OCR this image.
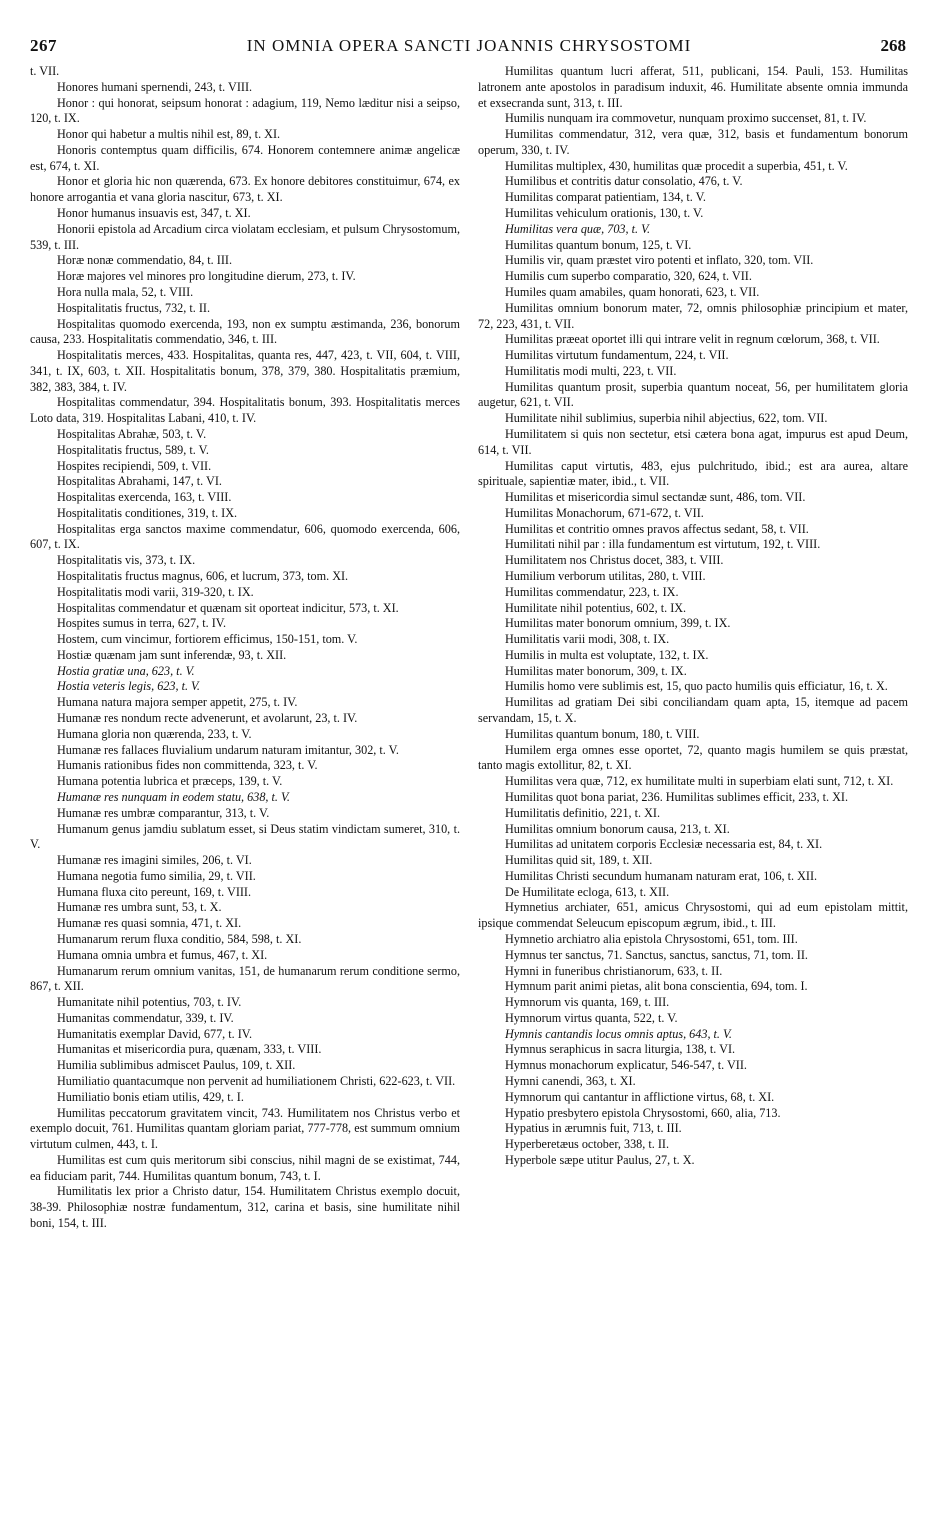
267	IN OMNIA OPERA SANCTI JOANNIS CHRYSOSTOMI	268

t. VII.

Honores humani spernendi, 243, t. VIII.

Honor : qui honorat, seipsum honorat : adagium, 119, Nemo læditur nisi a seipso, 120, t. IX.

Honor qui habetur a multis nihil est, 89, t. XI.

Honoris contemptus quam difficilis, 674. Honorem contemnere animæ angelicæ est, 674, t. XI.

Honor et gloria hic non quærenda, 673. Ex honore debitores constituimur, 674, ex honore arrogantia et vana gloria nascitur, 673, t. XI.

Honor humanus insuavis est, 347, t. XI.

Honorii epistola ad Arcadium circa violatam ecclesiam, et pulsum Chrysostomum, 539, t. III.

Horæ nonæ commendatio, 84, t. III.

Horæ majores vel minores pro longitudine dierum, 273, t. IV.

Hora nulla mala, 52, t. VIII.

Hospitalitatis fructus, 732, t. II.

Hospitalitas quomodo exercenda, 193, non ex sumptu æstimanda, 236, bonorum causa, 233. Hospitalitatis commendatio, 346, t. III.

Hospitalitatis merces, 433. Hospitalitas, quanta res, 447, 423, t. VII, 604, t. VIII, 341, t. IX, 603, t. XII. Hospitalitatis bonum, 378, 379, 380. Hospitalitatis præmium, 382, 383, 384, t. IV.

Hospitalitas commendatur, 394. Hospitalitatis bonum, 393. Hospitalitatis merces Loto data, 319. Hospitalitas Labani, 410, t. IV.

Hospitalitas Abrahæ, 503, t. V.

Hospitalitatis fructus, 589, t. V.

Hospites recipiendi, 509, t. VII.

Hospitalitas Abrahami, 147, t. VI.

Hospitalitas exercenda, 163, t. VIII.

Hospitalitatis conditiones, 319, t. IX.

Hospitalitas erga sanctos maxime commendatur, 606, quomodo exercenda, 606, 607, t. IX.

Hospitalitatis vis, 373, t. IX.

Hospitalitatis fructus magnus, 606, et lucrum, 373, tom. XI.

Hospitalitatis modi varii, 319-320, t. IX.

Hospitalitas commendatur et quænam sit oporteat indicitur, 573, t. XI.

Hospites sumus in terra, 627, t. IV.

Hostem, cum vincimur, fortiorem efficimus, 150-151, tom. V.

Hostiæ quænam jam sunt inferendæ, 93, t. XII.

Hostia gratiæ una, 623, t. V.

Hostia veteris legis, 623, t. V.

Humana natura majora semper appetit, 275, t. IV.

Humanæ res nondum recte advenerunt, et avolarunt, 23, t. IV.

Humana gloria non quærenda, 233, t. V.

Humanæ res fallaces fluvialium undarum naturam imitantur, 302, t. V.

Humanis rationibus fides non committenda, 323, t. V.

Humana potentia lubrica et præceps, 139, t. V.

Humanæ res nunquam in eodem statu, 638, t. V.

Humanæ res umbræ comparantur, 313, t. V.

Humanum genus jamdiu sublatum esset, si Deus statim vindictam sumeret, 310, t. V.

Humanæ res imagini similes, 206, t. VI.

Humana negotia fumo similia, 29, t. VII.

Humana fluxa cito pereunt, 169, t. VIII.

Humanæ res umbra sunt, 53, t. X.

Humanæ res quasi somnia, 471, t. XI.

Humanarum rerum fluxa conditio, 584, 598, t. XI.

Humana omnia umbra et fumus, 467, t. XI.

Humanarum rerum omnium vanitas, 151, de humanarum rerum conditione sermo, 867, t. XII.

Humanitate nihil potentius, 703, t. IV.

Humanitas commendatur, 339, t. IV.

Humanitatis exemplar David, 677, t. IV.

Humanitas et misericordia pura, quænam, 333, t. VIII.

Humilia sublimibus admiscet Paulus, 109, t. XII.

Humiliatio quantacumque non pervenit ad humiliationem Christi, 622-623, t. VII.

Humiliatio bonis etiam utilis, 429, t. I.

Humilitas peccatorum gravitatem vincit, 743. Humilitatem nos Christus verbo et exemplo docuit, 761. Humilitas quantam gloriam pariat, 777-778, est summum omnium virtutum culmen, 443, t. I.

Humilitas est cum quis meritorum sibi conscius, nihil magni de se existimat, 744, ea fiduciam parit, 744. Humilitas quantum bonum, 743, t. I.

Humilitatis lex prior a Christo datur, 154. Humilitatem Christus exemplo docuit, 38-39. Philosophiæ nostræ fundamentum, 312, carina et basis, sine humilitate nihil boni, 154, t. III.

Humilitas quantum lucri afferat, 511, publicani, 154. Pauli, 153. Humilitas latronem ante apostolos in paradisum induxit, 46. Humilitate absente omnia immunda et exsecranda sunt, 313, t. III.

Humilis nunquam ira commovetur, nunquam proximo succenset, 81, t. IV.

Humilitas commendatur, 312, vera quæ, 312, basis et fundamentum bonorum operum, 330, t. IV.

Humilitas multiplex, 430, humilitas quæ procedit a superbia, 451, t. V.

Humilibus et contritis datur consolatio, 476, t. V.

Humilitas comparat patientiam, 134, t. V.

Humilitas vehiculum orationis, 130, t. V.

Humilitas vera quæ, 703, t. V.

Humilitas quantum bonum, 125, t. VI.

Humilis vir, quam præstet viro potenti et inflato, 320, tom. VII.

Humilis cum superbo comparatio, 320, 624, t. VII.

Humiles quam amabiles, quam honorati, 623, t. VII.

Humilitas omnium bonorum mater, 72, omnis philosophiæ principium et mater, 72, 223, 431, t. VII.

Humilitas præeat oportet illi qui intrare velit in regnum cœlorum, 368, t. VII.

Humilitas virtutum fundamentum, 224, t. VII.

Humilitatis modi multi, 223, t. VII.

Humilitas quantum prosit, superbia quantum noceat, 56, per humilitatem gloria augetur, 621, t. VII.

Humilitate nihil sublimius, superbia nihil abjectius, 622, tom. VII.

Humilitatem si quis non sectetur, etsi cætera bona agat, impurus est apud Deum, 614, t. VII.

Humilitas caput virtutis, 483, ejus pulchritudo, ibid.; est ara aurea, altare spirituale, sapientiæ mater, ibid., t. VII.

Humilitas et misericordia simul sectandæ sunt, 486, tom. VII.

Humilitas Monachorum, 671-672, t. VII.

Humilitas et contritio omnes pravos affectus sedant, 58, t. VII.

Humilitati nihil par : illa fundamentum est virtutum, 192, t. VIII.

Humilitatem nos Christus docet, 383, t. VIII.

Humilium verborum utilitas, 280, t. VIII.

Humilitas commendatur, 223, t. IX.

Humilitate nihil potentius, 602, t. IX.

Humilitas mater bonorum omnium, 399, t. IX.

Humilitatis varii modi, 308, t. IX.

Humilis in multa est voluptate, 132, t. IX.

Humilitas mater bonorum, 309, t. IX.

Humilis homo vere sublimis est, 15, quo pacto humilis quis efficiatur, 16, t. X.

Humilitas ad gratiam Dei sibi conciliandam quam apta, 15, itemque ad pacem servandam, 15, t. X.

Humilitas quantum bonum, 180, t. VIII.

Humilem erga omnes esse oportet, 72, quanto magis humilem se quis præstat, tanto magis extollitur, 82, t. XI.

Humilitas vera quæ, 712, ex humilitate multi in superbiam elati sunt, 712, t. XI.

Humilitas quot bona pariat, 236. Humilitas sublimes efficit, 233, t. XI.

Humilitatis definitio, 221, t. XI.

Humilitas omnium bonorum causa, 213, t. XI.

Humilitas ad unitatem corporis Ecclesiæ necessaria est, 84, t. XI.

Humilitas quid sit, 189, t. XII.

Humilitas Christi secundum humanam naturam erat, 106, t. XII.

De Humilitate ecloga, 613, t. XII.

Hymnetius archiater, 651, amicus Chrysostomi, qui ad eum epistolam mittit, ipsique commendat Seleucum episcopum ægrum, ibid., t. III.

Hymnetio archiatro alia epistola Chrysostomi, 651, tom. III.

Hymnus ter sanctus, 71. Sanctus, sanctus, sanctus, 71, tom. II.

Hymni in funeribus christianorum, 633, t. II.

Hymnum parit animi pietas, alit bona conscientia, 694, tom. I.

Hymnorum vis quanta, 169, t. III.

Hymnorum virtus quanta, 522, t. V.

Hymnis cantandis locus omnis aptus, 643, t. V.

Hymnus seraphicus in sacra liturgia, 138, t. VI.

Hymnus monachorum explicatur, 546-547, t. VII.

Hymni canendi, 363, t. XI.

Hymnorum qui cantantur in afflictione virtus, 68, t. XI.

Hypatio presbytero epistola Chrysostomi, 660, alia, 713.

Hypatius in ærumnis fuit, 713, t. III.

Hyperberetæus october, 338, t. II.

Hyperbole sæpe utitur Paulus, 27, t. X.
